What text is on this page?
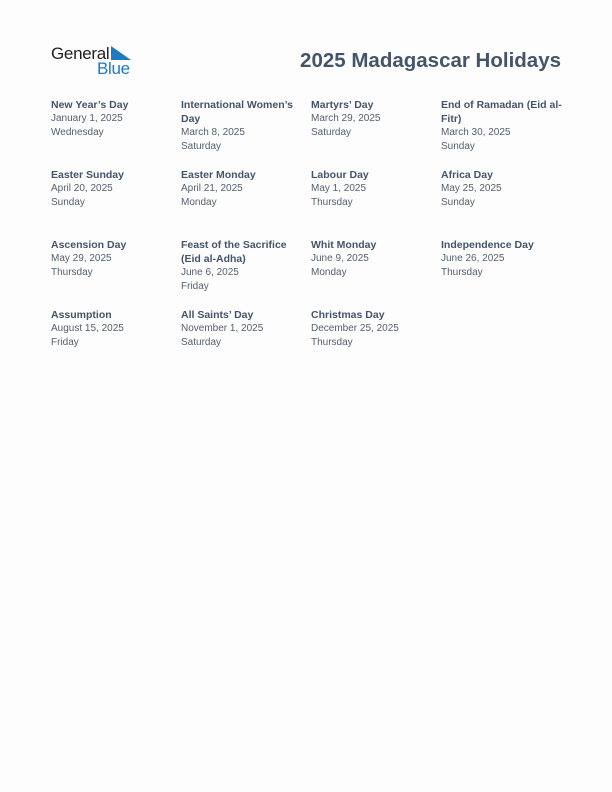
General
Blue	2025 Madagascar Holidays
New Year’s Day
January 1, 2025
Wednesday
International Women’s Day
March 8, 2025
Saturday
Martyrs’ Day
March 29, 2025
Saturday
End of Ramadan (Eid al-Fitr)
March 30, 2025
Sunday
Easter Sunday
April 20, 2025
Sunday
Easter Monday
April 21, 2025
Monday
Labour Day
May 1, 2025
Thursday
Africa Day
May 25, 2025
Sunday
Ascension Day
May 29, 2025
Thursday
Feast of the Sacrifice (Eid al-Adha)
June 6, 2025
Friday
Whit Monday
June 9, 2025
Monday
Independence Day
June 26, 2025
Thursday
Assumption
August 15, 2025
Friday
All Saints’ Day
November 1, 2025
Saturday
Christmas Day
December 25, 2025
Thursday
